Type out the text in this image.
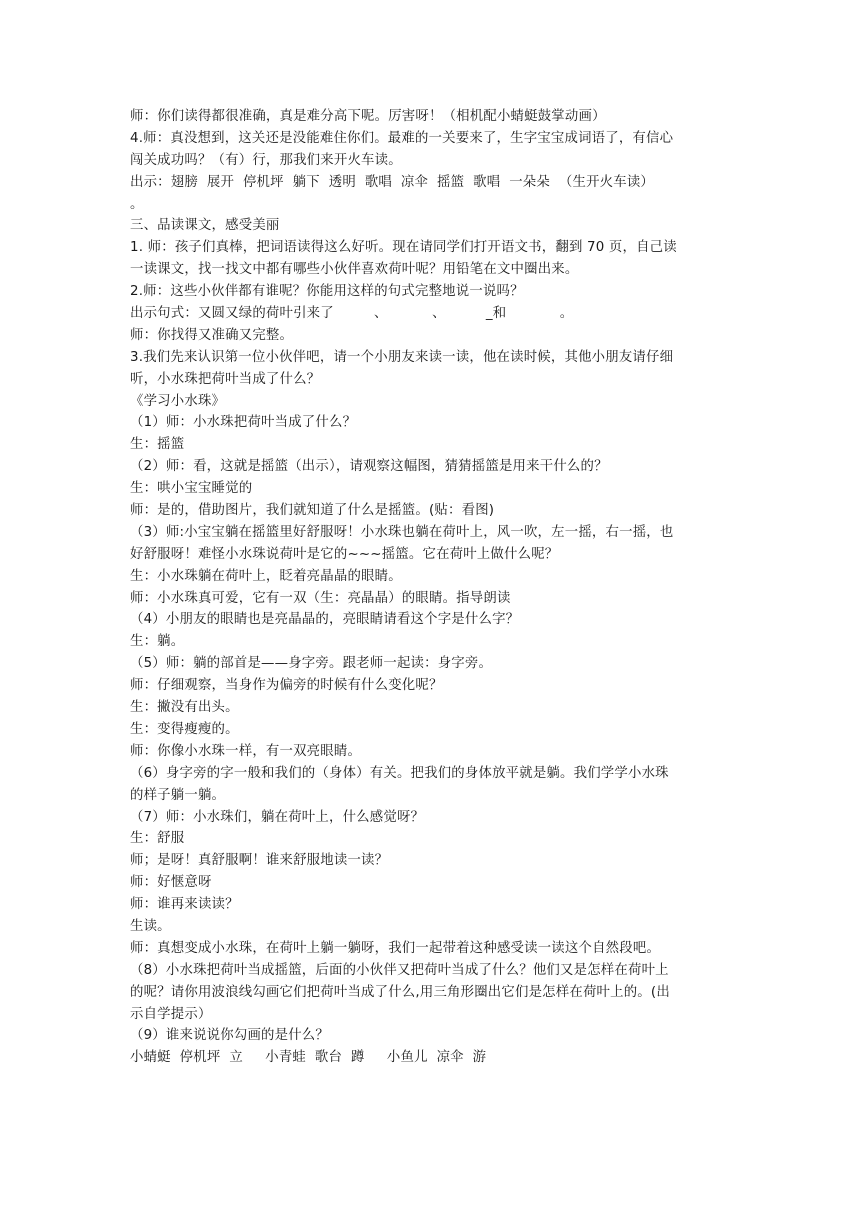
师：你们读得都很准确，真是难分高下呢。厉害呀！（相机配小蜻蜓鼓掌动画）
4.师：真没想到，这关还是没能难住你们。最难的一关要来了，生字宝宝成词语了，有信心
闯关成功吗？（有）行，那我们来开火车读。
出示：翅膀  展开  停机坪  躺下  透明  歌唱  凉伞  摇篮  歌唱  一朵朵  （生开火车读）
。
三、品读课文，感受美丽
1. 师：孩子们真棒，把词语读得这么好听。现在请同学们打开语文书，翻到 70 页，自己读
一读课文，找一找文中都有哪些小伙伴喜欢荷叶呢？用铅笔在文中圈出来。
2.师：这些小伙伴都有谁呢？你能用这样的句式完整地说一说吗？
出示句式：又圆又绿的荷叶引来了         、          、         _和            。
师：你找得又准确又完整。
3.我们先来认识第一位小伙伴吧，请一个小朋友来读一读，他在读时候，其他小朋友请仔细
听，小水珠把荷叶当成了什么？
《学习小水珠》
（1）师：小水珠把荷叶当成了什么？
生：摇篮
（2）师：看，这就是摇篮（出示），请观察这幅图，猜猜摇篮是用来干什么的？
生：哄小宝宝睡觉的
师：是的，借助图片，我们就知道了什么是摇篮。(贴：看图)
（3）师:小宝宝躺在摇篮里好舒服呀！小水珠也躺在荷叶上，风一吹，左一摇，右一摇，也
好舒服呀！难怪小水珠说荷叶是它的~~~摇篮。它在荷叶上做什么呢？
生：小水珠躺在荷叶上，眨着亮晶晶的眼睛。
师：小水珠真可爱，它有一双（生：亮晶晶）的眼睛。指导朗读
（4）小朋友的眼睛也是亮晶晶的，亮眼睛请看这个字是什么字？
生：躺。
（5）师：躺的部首是——身字旁。跟老师一起读：身字旁。
师：仔细观察，当身作为偏旁的时候有什么变化呢？
生：撇没有出头。
生：变得瘦瘦的。
师：你像小水珠一样，有一双亮眼睛。
（6）身字旁的字一般和我们的（身体）有关。把我们的身体放平就是躺。我们学学小水珠
的样子躺一躺。
（7）师：小水珠们，躺在荷叶上，什么感觉呀？
生：舒服
师；是呀！真舒服啊！谁来舒服地读一读？
师：好惬意呀
师：谁再来读读？
生读。
师：真想变成小水珠，在荷叶上躺一躺呀，我们一起带着这种感受读一读这个自然段吧。
（8）小水珠把荷叶当成摇篮，后面的小伙伴又把荷叶当成了什么？他们又是怎样在荷叶上
的呢？请你用波浪线勾画它们把荷叶当成了什么,用三角形圈出它们是怎样在荷叶上的。(出
示自学提示）
（9）谁来说说你勾画的是什么？
小蜻蜓  停机坪  立     小青蛙  歌台  蹲     小鱼儿  凉伞  游
